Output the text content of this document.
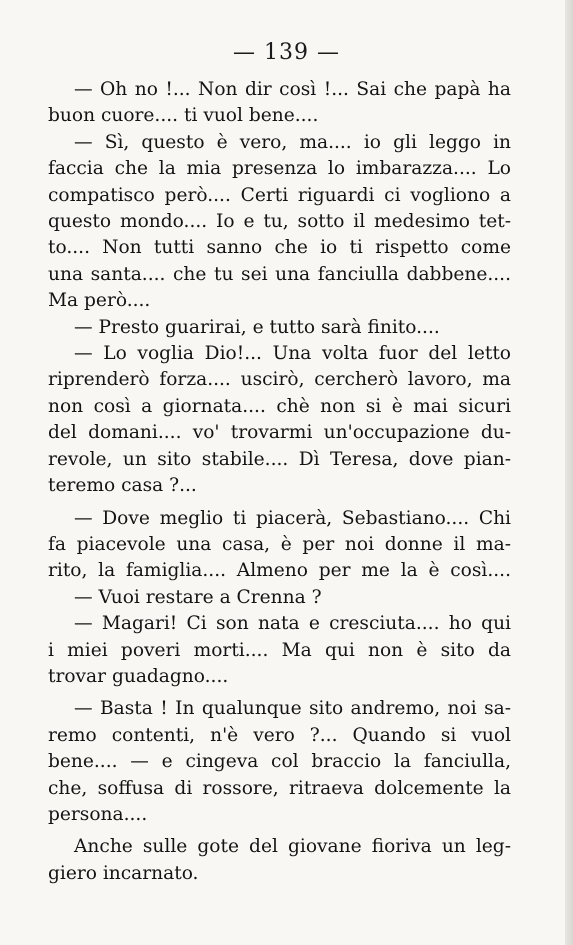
— 139 —
— Oh no !... Non dir così !... Sai che papà ha
buon cuore.... ti vuol bene....
— Sì, questo è vero, ma.... io gli leggo in
faccia che la mia presenza lo imbarazza.... Lo
compatisco però.... Certi riguardi ci vogliono a
questo mondo.... Io e tu, sotto il medesimo tet-
to.... Non tutti sanno che io ti rispetto come
una santa.... che tu sei una fanciulla dabbene....
Ma però....
— Presto guarirai, e tutto sarà finito....
— Lo voglia Dio!... Una volta fuor del letto
riprenderò forza.... uscirò, cercherò lavoro, ma
non così a giornata.... chè non si è mai sicuri
del domani.... vo' trovarmi un'occupazione du-
revole, un sito stabile.... Dì Teresa, dove pian-
teremo casa ?...
— Dove meglio ti piacerà, Sebastiano.... Chi
fa piacevole una casa, è per noi donne il ma-
rito, la famiglia.... Almeno per me la è così....
— Vuoi restare a Crenna ?
— Magari! Ci son nata e cresciuta.... ho qui
i miei poveri morti.... Ma qui non è sito da
trovar guadagno....
— Basta ! In qualunque sito andremo, noi sa-
remo contenti, n'è vero ?... Quando si vuol
bene.... — e cingeva col braccio la fanciulla,
che, soffusa di rossore, ritraeva dolcemente la
persona....
Anche sulle gote del giovane fioriva un leg-
giero incarnato.
